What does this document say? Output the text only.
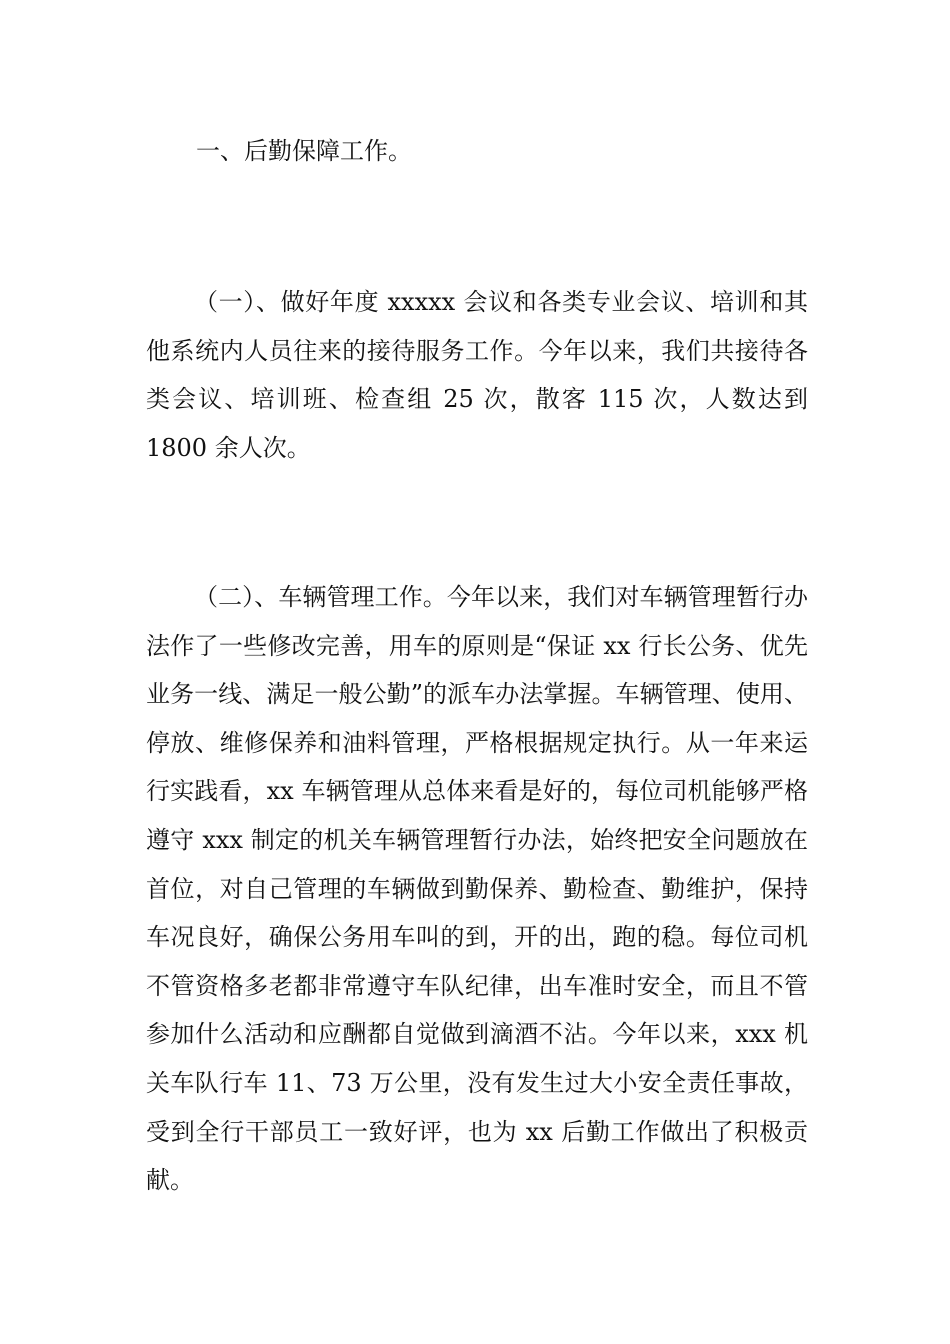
一、后勤保障工作。

（一）、做好年度 xxxxx 会议和各类专业会议、培训和其他系统内人员往来的接待服务工作。今年以来，我们共接待各类会议、培训班、检查组 25 次，散客 115 次，人数达到 1800 余人次。

（二）、车辆管理工作。今年以来，我们对车辆管理暂行办法作了一些修改完善，用车的原则是“保证 xx 行长公务、优先业务一线、满足一般公勤”的派车办法掌握。车辆管理、使用、停放、维修保养和油料管理，严格根据规定执行。从一年来运行实践看，xx 车辆管理从总体来看是好的，每位司机能够严格遵守 xxx 制定的机关车辆管理暂行办法，始终把安全问题放在首位，对自己管理的车辆做到勤保养、勤检查、勤维护，保持车况良好，确保公务用车叫的到，开的出，跑的稳。每位司机不管资格多老都非常遵守车队纪律，出车准时安全，而且不管参加什么活动和应酬都自觉做到滴酒不沾。今年以来，xxx 机关车队行车 11、73 万公里，没有发生过大小安全责任事故，受到全行干部员工一致好评，也为 xx 后勤工作做出了积极贡献。
